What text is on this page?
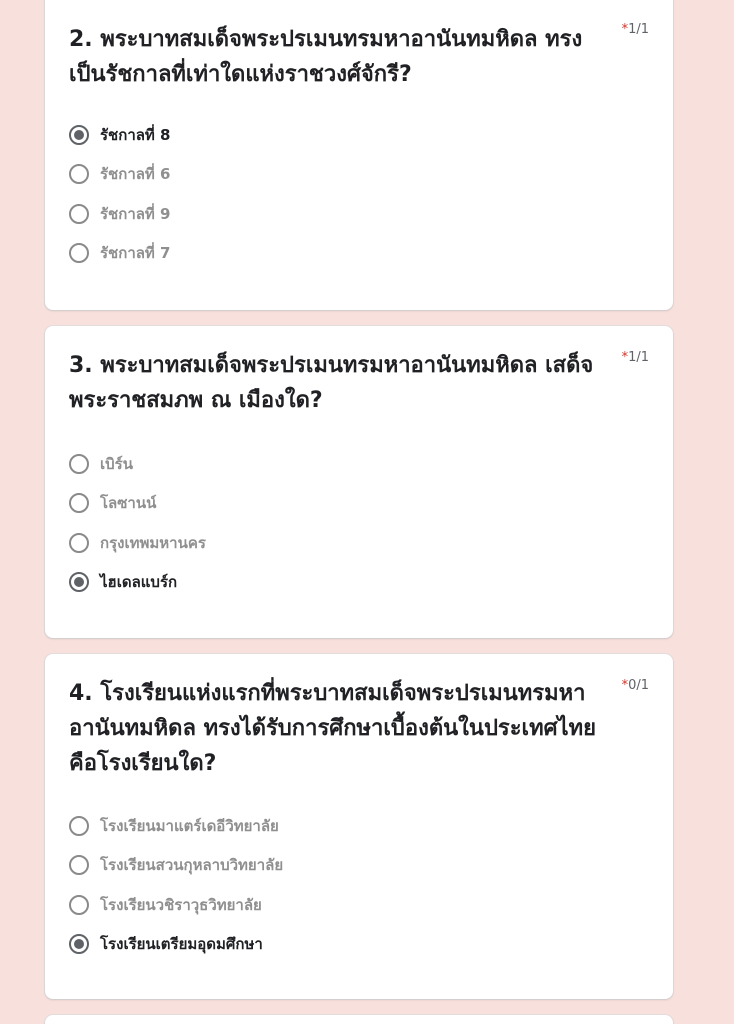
2. พระบาทสมเด็จพระปรเมนทรมหาอานันทมหิดล ทรงเป็นรัชกาลที่เท่าใดแห่งราชวงศ์จักรี?
*1/1
รัชกาลที่ 8
รัชกาลที่ 6
รัชกาลที่ 9
รัชกาลที่ 7
3. พระบาทสมเด็จพระปรเมนทรมหาอานันทมหิดล เสด็จพระราชสมภพ ณ เมืองใด?
*1/1
เบิร์น
โลซานน์
กรุงเทพมหานคร
ไฮเดลแบร์ก
4. โรงเรียนแห่งแรกที่พระบาทสมเด็จพระปรเมนทรมหาอานันทมหิดล ทรงได้รับการศึกษาเบื้องต้นในประเทศไทยคือโรงเรียนใด?
*0/1
โรงเรียนมาแตร์เดอีวิทยาลัย
โรงเรียนสวนกุหลาบวิทยาลัย
โรงเรียนวชิราวุธวิทยาลัย
โรงเรียนเตรียมอุดมศึกษา
